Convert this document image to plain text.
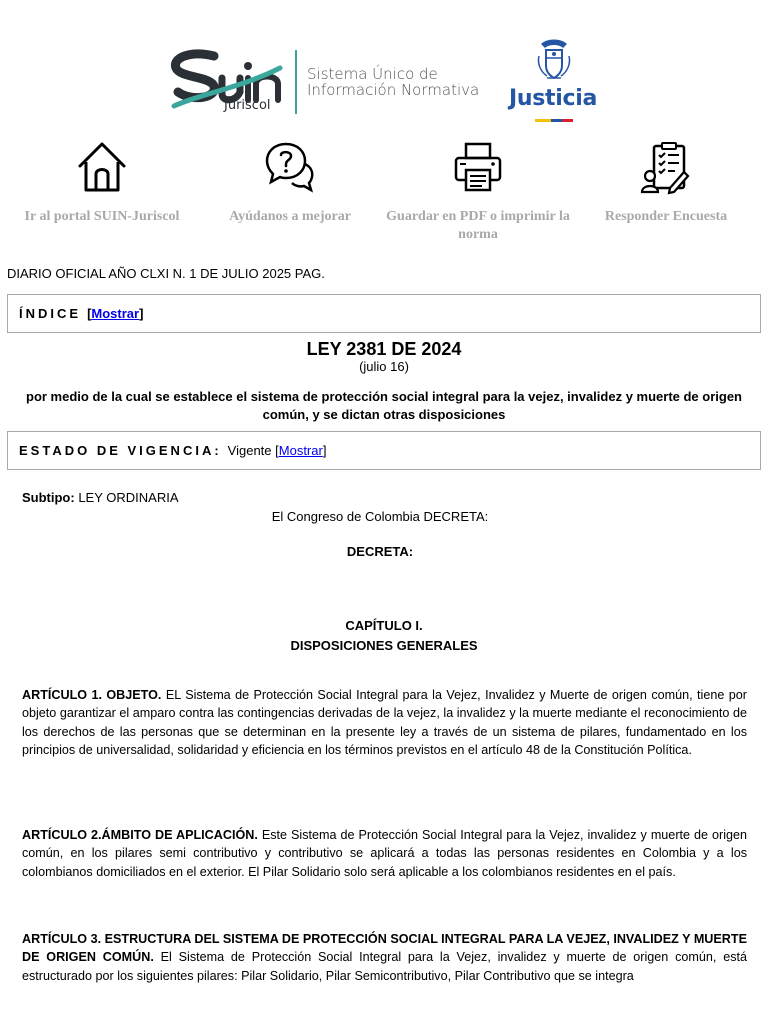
Juriscol
Sistema Único de
Información Normativa Justicia
Ir al portal SUIN-Juriscol	Ayúdanos a mejorar	Guardar en PDF o imprimir la norma
Responder Encuesta
DIARIO OFICIAL AÑO CLXI N. 1 DE JULIO 2025 PAG.
ÍNDICE [ Mostrar ]
LEY 2381 DE 2024
(julio 16)
por medio de la cual se establece el sistema de protección social integral para la vejez, invalidez y muerte de origen común, y se dictan otras disposiciones
ESTADO DE VIGENCIA: Vigente [ Mostrar ]
Subtipo: LEY ORDINARIA
El Congreso de Colombia DECRETA:
DECRETA:
CAPÍTULO I.
DISPOSICIONES GENERALES
ARTÍCULO 1. OBJETO. EL Sistema de Protección Social Integral para la Vejez, Invalidez y Muerte de origen común, tiene por objeto garantizar el amparo contra las contingencias derivadas de la vejez, la invalidez y la muerte mediante el reconocimiento de los derechos de las personas que se determinan en la presente ley a través de un sistema de pilares, fundamentado en los principios de universalidad, solidaridad y eficiencia en los términos previstos en el artículo 48 de la Constitución Política.
ARTÍCULO 2.ÁMBITO DE APLICACIÓN. Este Sistema de Protección Social Integral para la Vejez, invalidez y muerte de origen común, en los pilares semi contributivo y contributivo se aplicará a todas las personas residentes en Colombia y a los colombianos domiciliados en el exterior. El Pilar Solidario solo será aplicable a los colombianos residentes en el país.
ARTÍCULO 3. ESTRUCTURA DEL SISTEMA DE PROTECCIÓN SOCIAL INTEGRAL PARA LA VEJEZ, INVALIDEZ Y MUERTE DE ORIGEN COMÚN. El Sistema de Protección Social Integral para la Vejez, invalidez y muerte de origen común, está estructurado por los siguientes pilares: Pilar Solidario, Pilar Semicontributivo, Pilar Contributivo que se integra
